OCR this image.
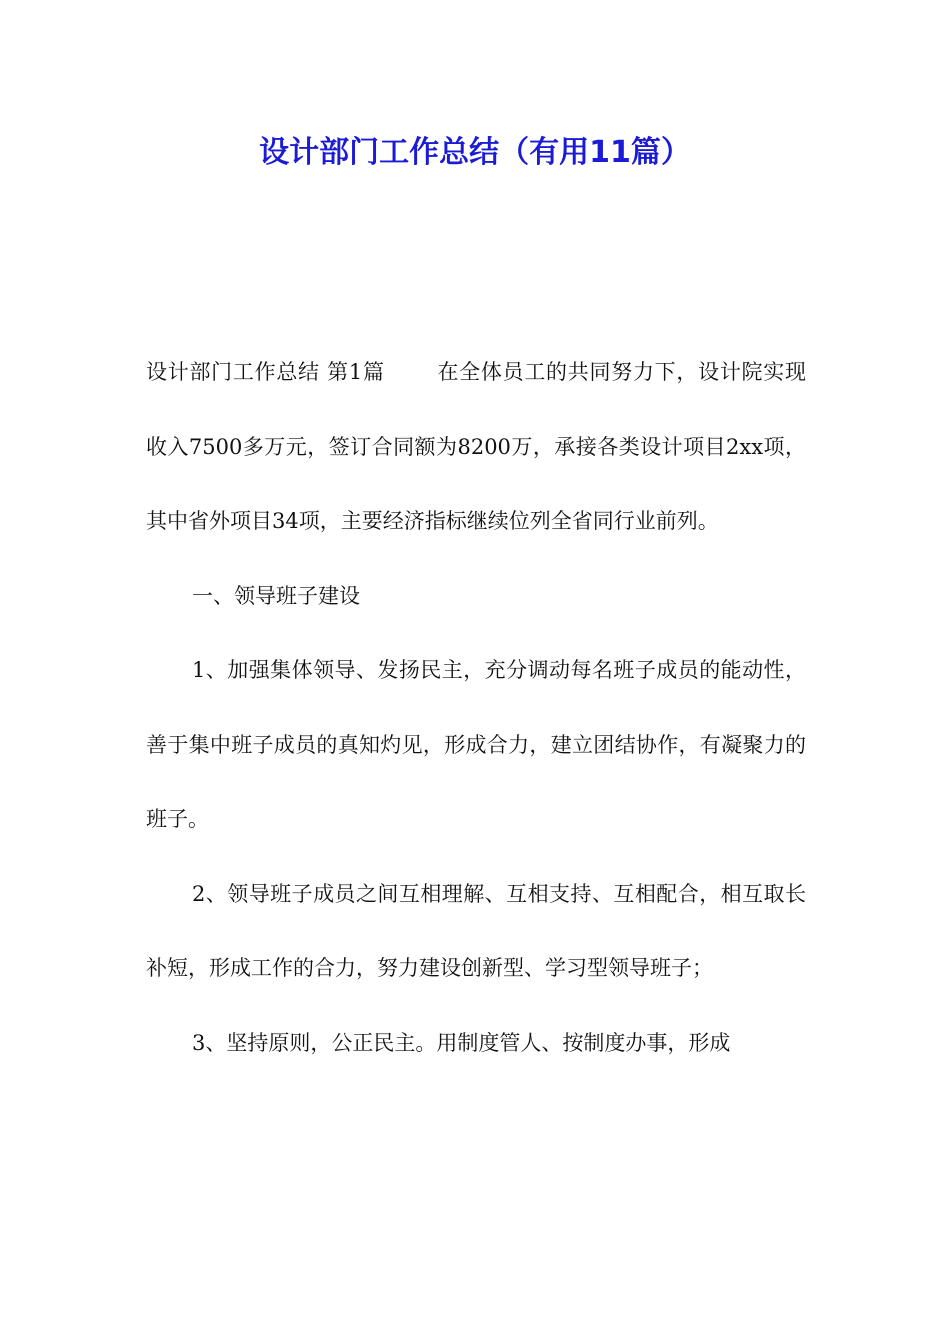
设计部门工作总结（有用11篇）

设计部门工作总结 第1篇 在全体员工的共同努力下，设计院实现收入7500多万元，签订合同额为8200万，承接各类设计项目2xx项，其中省外项目34项，主要经济指标继续位列全省同行业前列。

一、领导班子建设

1、加强集体领导、发扬民主，充分调动每名班子成员的能动性，善于集中班子成员的真知灼见，形成合力，建立团结协作，有凝聚力的班子。

2、领导班子成员之间互相理解、互相支持、互相配合，相互取长补短，形成工作的合力，努力建设创新型、学习型领导班子；

3、坚持原则，公正民主。用制度管人、按制度办事，形成
